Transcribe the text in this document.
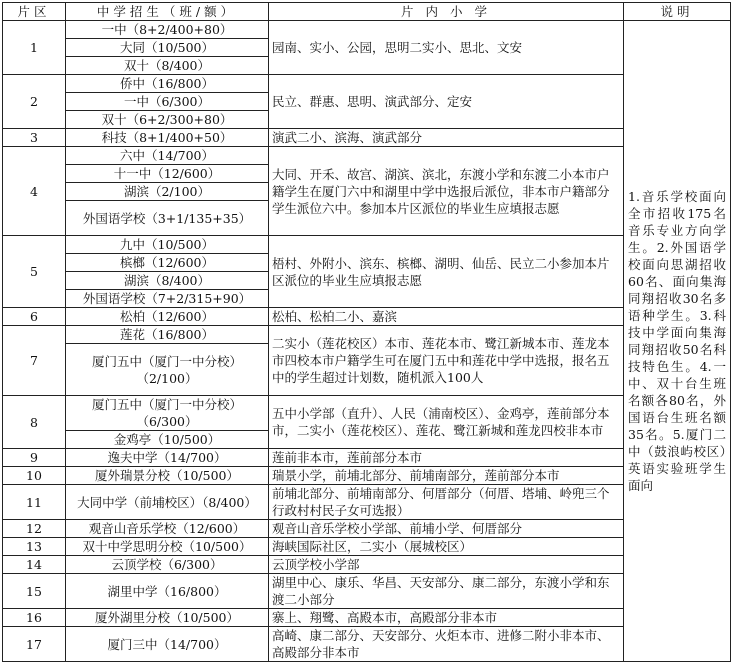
片区	中学招生（班/额）	片 内 小 学	说明
1	一中（8+2/400+80）	园南、实小、公园，思明二实小、思北、文安	1.音乐学校面向全市招收175名音乐专业方向学生。2.外国语学校面向思湖招收60名、面向集海同翔招收30名多语种学生。3.科技中学面向集海同翔招收50名科技特色生。4.一中、双十台生班名额各80名，外国语台生班名额35名。5.厦门二中（鼓浪屿校区）英语实验班学生面向
	大同（10/500）		
	双十（8/400）		
2	侨中（16/800）	民立、群惠、思明、演武部分、定安	
	一中（6/300）		
	双十（6+2/300+80）		
3	科技（8+1/400+50）	演武二小、滨海、演武部分	
4	六中（14/700）	大同、开禾、故宫、湖滨、滨北，东渡小学和东渡二小本市户籍学生在厦门六中和湖里中学中选报后派位，非本市户籍部分学生派位六中。参加本片区派位的毕业生应填报志愿	
	十一中（12/600）		
	湖滨（2/100）		
	外国语学校（3+1/135+35）		
5	九中（10/500）	梧村、外附小、滨东、槟榔、湖明、仙岳、民立二小参加本片区派位的毕业生应填报志愿	
	槟榔（12/600）		
	湖滨（8/400）		
	外国语学校（7+2/315+90）		
6	松柏（12/600）	松柏、松柏二小、嘉滨	
7	莲花（16/800）	二实小（莲花校区）本市、莲花本市、鹭江新城本市、莲龙本市四校本市户籍学生可在厦门五中和莲花中学中选报，报名五中的学生超过计划数，随机派入100人	
	厦门五中（厦门一中分校）（2/100）		
8	厦门五中（厦门一中分校）（6/300）	五中小学部（直升）、人民（浦南校区）、金鸡亭，莲前部分本市，二实小（莲花校区）、莲花、鹭江新城和莲龙四校非本市	
	金鸡亭（10/500）		
9	逸夫中学（14/700）	莲前非本市，莲前部分本市	
10	厦外瑞景分校（10/500）	瑞景小学，前埔北部分、前埔南部分，莲前部分本市	
11	大同中学（前埔校区）（8/400）	前埔北部分、前埔南部分、何厝部分（何厝、塔埔、岭兜三个行政村村民子女可选报）	
12	观音山音乐学校（12/600）	观音山音乐学校小学部、前埔小学、何厝部分	
13	双十中学思明分校（10/500）	海峡国际社区，二实小（展城校区）	
14	云顶学校（6/300）	云顶学校小学部	
15	湖里中学（16/800）	湖里中心、康乐、华昌、天安部分、康二部分，东渡小学和东渡二小部分	
16	厦外湖里分校（10/500）	寨上、翔鹭、高殿本市，高殿部分非本市	
17	厦门三中（14/700）	高崎、康二部分、天安部分、火炬本市、进修二附小非本市、高殿部分非本市	
